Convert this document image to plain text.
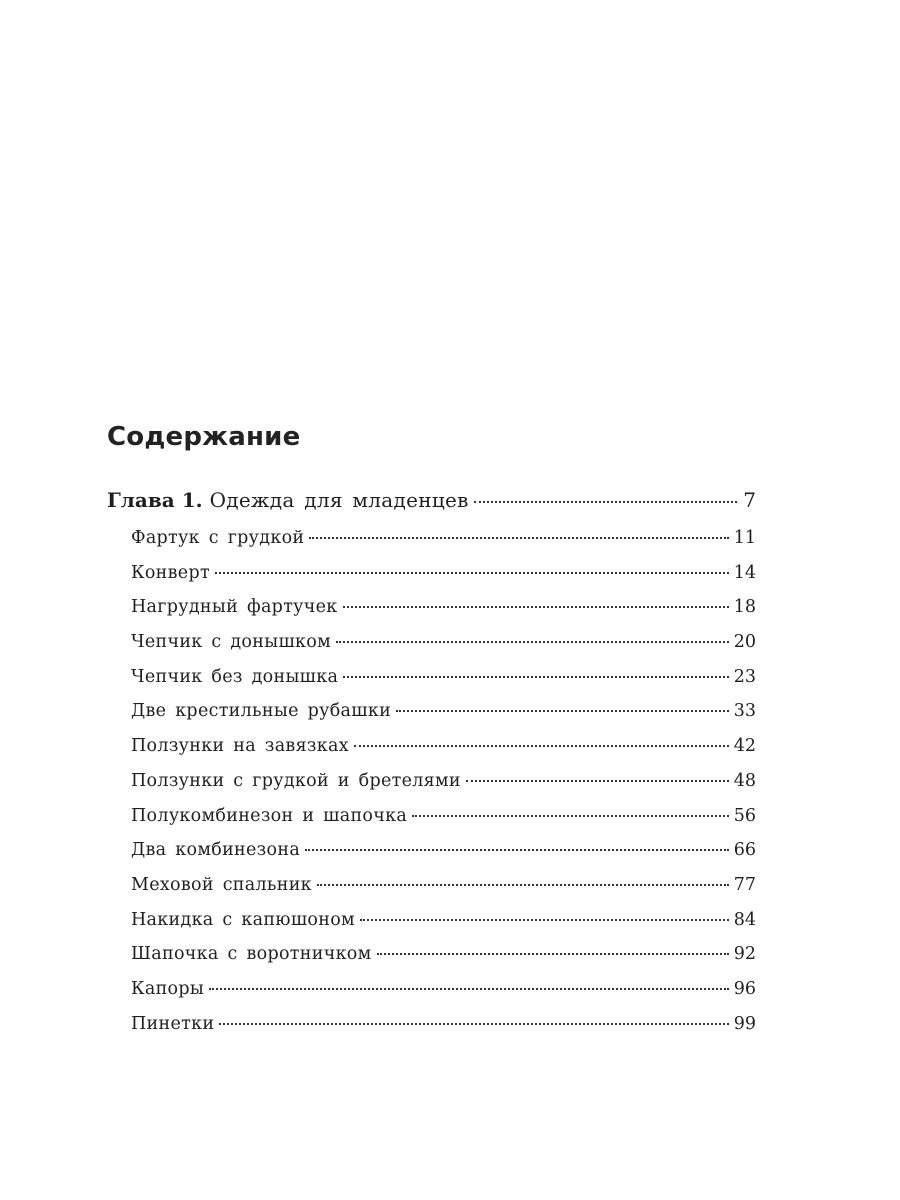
Содержание
Глава 1. Одежда для младенцев	7
Фартук с грудкой	11
Конверт	14
Нагрудный фартучек	18
Чепчик с донышком	20
Чепчик без донышка	23
Две крестильные рубашки	33
Ползунки на завязках	42
Ползунки с грудкой и бретелями	48
Полукомбинезон и шапочка	56
Два комбинезона	66
Меховой спальник	77
Накидка с капюшоном	84
Шапочка с воротничком	92
Капоры	96
Пинетки	99
